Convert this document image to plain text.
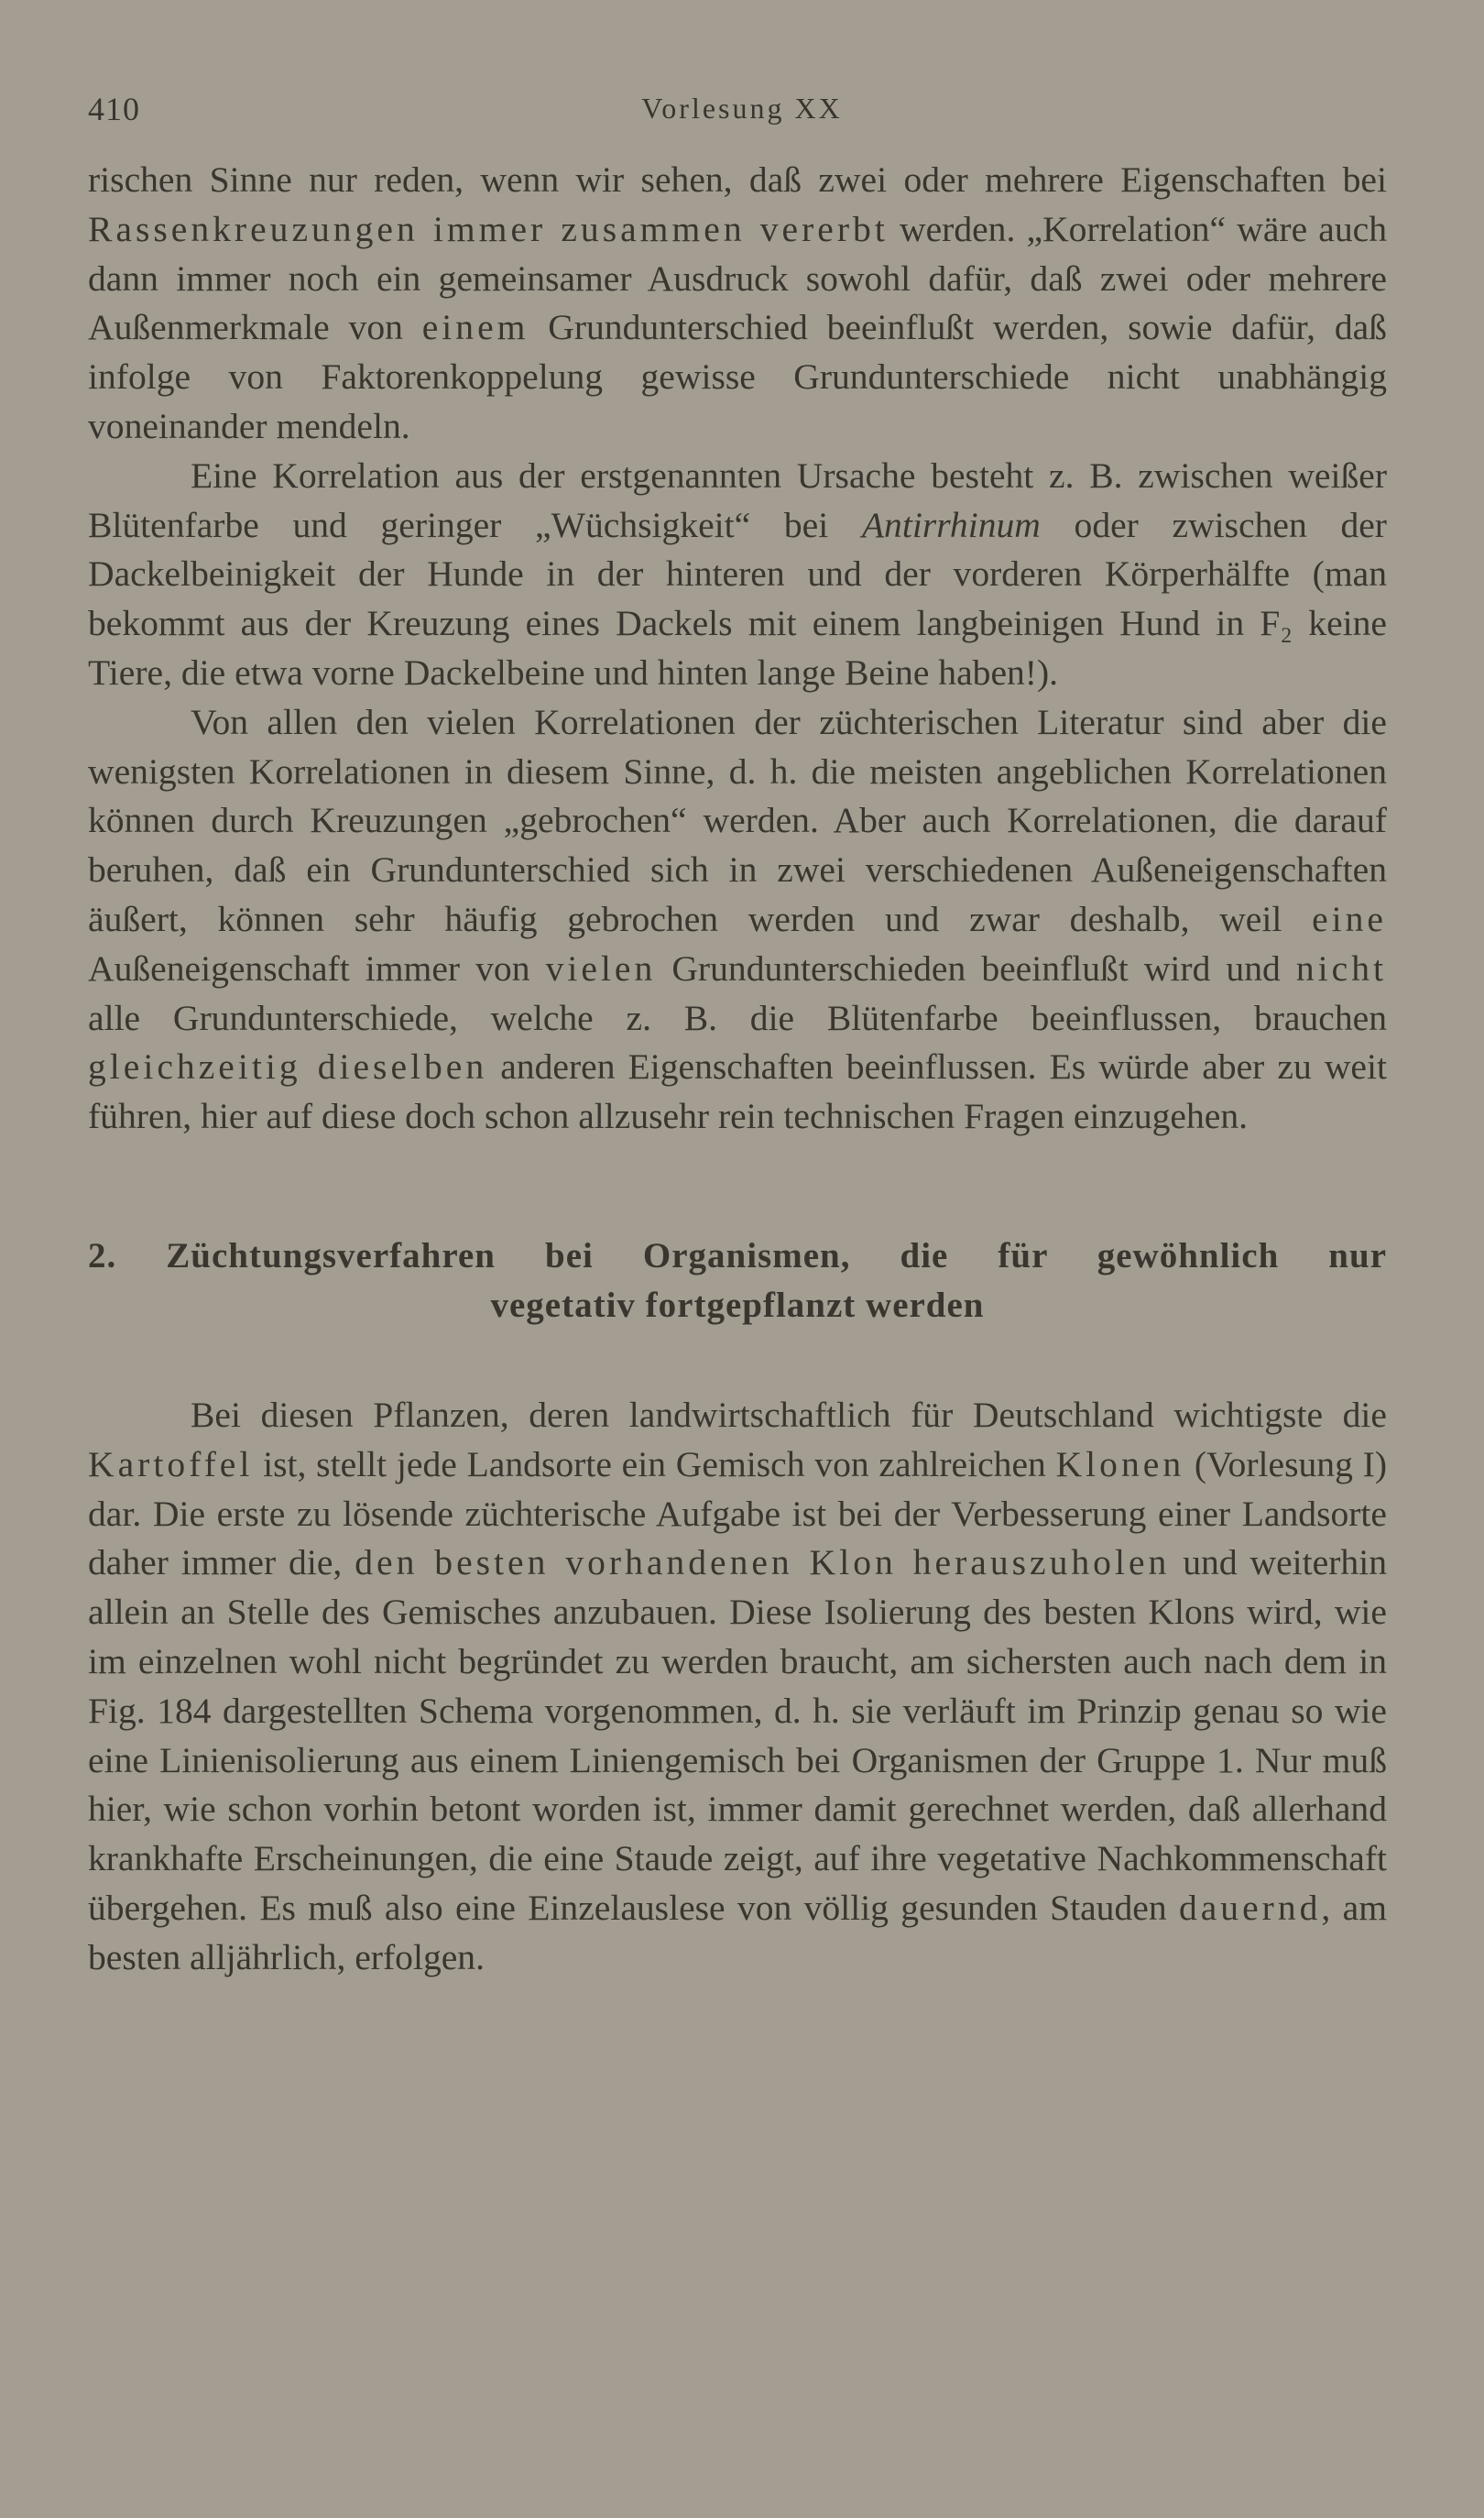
410	Vorlesung XX

rischen Sinne nur reden, wenn wir sehen, daß zwei oder mehrere Eigenschaften bei Rassenkreuzungen immer zusammen vererbt werden. „Korrelation“ wäre auch dann immer noch ein gemeinsamer Ausdruck sowohl dafür, daß zwei oder mehrere Außenmerkmale von einem Grundunterschied beeinflußt werden, sowie dafür, daß infolge von Faktorenkoppelung gewisse Grundunterschiede nicht unabhängig voneinander mendeln.

Eine Korrelation aus der erstgenannten Ursache besteht z. B. zwischen weißer Blütenfarbe und geringer „Wüchsigkeit“ bei Antirrhinum oder zwischen der Dackelbeinigkeit der Hunde in der hinteren und der vorderen Körperhälfte (man bekommt aus der Kreuzung eines Dackels mit einem langbeinigen Hund in F₂ keine Tiere, die etwa vorne Dackelbeine und hinten lange Beine haben!).

Von allen den vielen Korrelationen der züchterischen Literatur sind aber die wenigsten Korrelationen in diesem Sinne, d. h. die meisten angeblichen Korrelationen können durch Kreuzungen „gebrochen“ werden. Aber auch Korrelationen, die darauf beruhen, daß ein Grundunterschied sich in zwei verschiedenen Außeneigenschaften äußert, können sehr häufig gebrochen werden und zwar deshalb, weil eine Außeneigenschaft immer von vielen Grundunterschieden beeinflußt wird und nicht alle Grundunterschiede, welche z. B. die Blütenfarbe beeinflussen, brauchen gleichzeitig dieselben anderen Eigenschaften beeinflussen. Es würde aber zu weit führen, hier auf diese doch schon allzusehr rein technischen Fragen einzugehen.

2. Züchtungsverfahren bei Organismen, die für gewöhnlich nur
vegetativ fortgepflanzt werden

Bei diesen Pflanzen, deren landwirtschaftlich für Deutschland wichtigste die Kartoffel ist, stellt jede Landsorte ein Gemisch von zahlreichen Klonen (Vorlesung I) dar. Die erste zu lösende züchterische Aufgabe ist bei der Verbesserung einer Landsorte daher immer die, den besten vorhandenen Klon herauszuholen und weiterhin allein an Stelle des Gemisches anzubauen. Diese Isolierung des besten Klons wird, wie im einzelnen wohl nicht begründet zu werden braucht, am sichersten auch nach dem in Fig. 184 dargestellten Schema vorgenommen, d. h. sie verläuft im Prinzip genau so wie eine Linienisolierung aus einem Liniengemisch bei Organismen der Gruppe 1. Nur muß hier, wie schon vorhin betont worden ist, immer damit gerechnet werden, daß allerhand krankhafte Erscheinungen, die eine Staude zeigt, auf ihre vegetative Nachkommenschaft übergehen. Es muß also eine Einzelauslese von völlig gesunden Stauden dauernd, am besten alljährlich, erfolgen.
